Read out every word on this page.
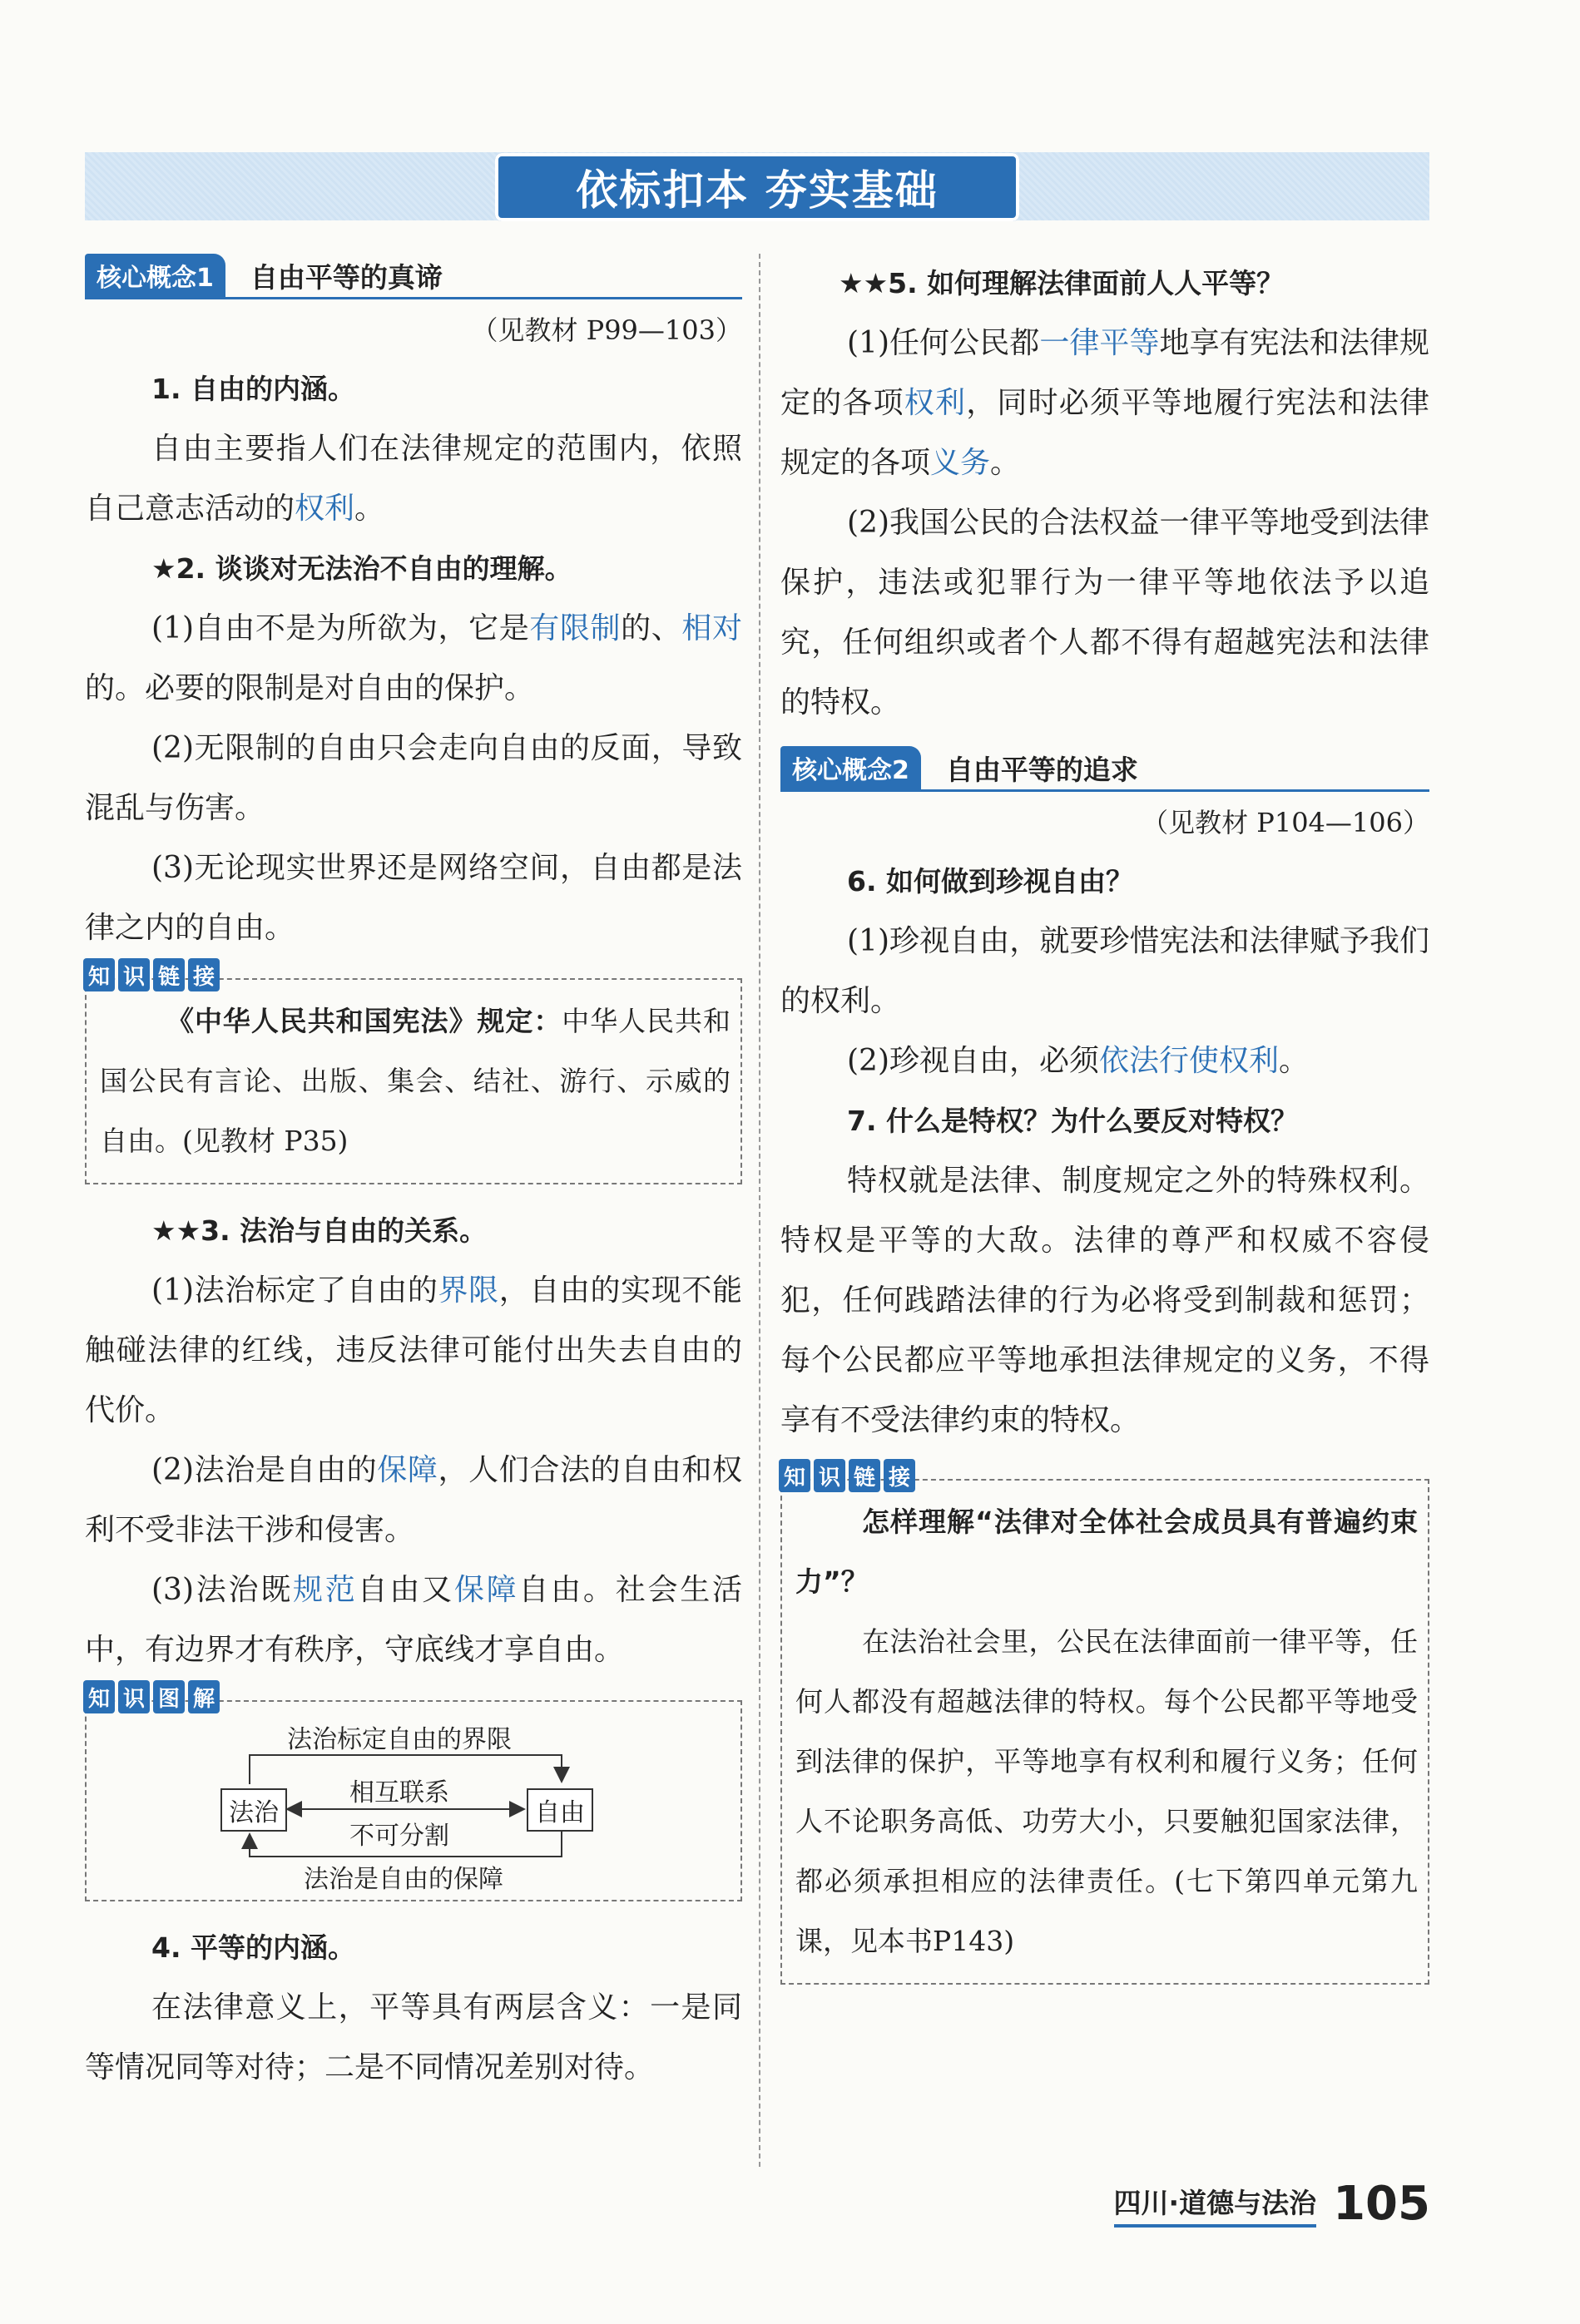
依标扣本 夯实基础
核心概念1	自由平等的真谛
（见教材 P99—103）

1. 自由的内涵。

自由主要指人们在法律规定的范围内，依照自己意志活动的权利。

★2. 谈谈对无法治不自由的理解。

(1)自由不是为所欲为，它是有限制的、相对的。必要的限制是对自由的保护。

(2)无限制的自由只会走向自由的反面，导致混乱与伤害。

(3)无论现实世界还是网络空间，自由都是法律之内的自由。

知 识 链 接

《中华人民共和国宪法》规定：中华人民共和国公民有言论、出版、集会、结社、游行、示威的自由。(见教材 P35)

★★3. 法治与自由的关系。

(1)法治标定了自由的界限，自由的实现不能触碰法律的红线，违反法律可能付出失去自由的代价。

(2)法治是自由的保障，人们合法的自由和权利不受非法干涉和侵害。

(3)法治既规范自由又保障自由。社会生活中，有边界才有秩序，守底线才享自由。

知 识 图 解
法治标定自由的界限
法治	自由
相互联系
不可分割
法治是自由的保障

4. 平等的内涵。

在法律意义上，平等具有两层含义：一是同等情况同等对待；二是不同情况差别对待。

★★5. 如何理解法律面前人人平等？

(1)任何公民都一律平等地享有宪法和法律规定的各项权利，同时必须平等地履行宪法和法律规定的各项义务。

(2)我国公民的合法权益一律平等地受到法律保护，违法或犯罪行为一律平等地依法予以追究，任何组织或者个人都不得有超越宪法和法律的特权。

核心概念2	自由平等的追求
（见教材 P104—106）

6. 如何做到珍视自由？

(1)珍视自由，就要珍惜宪法和法律赋予我们的权利。

(2)珍视自由，必须依法行使权利。

7. 什么是特权？为什么要反对特权？

特权就是法律、制度规定之外的特殊权利。特权是平等的大敌。法律的尊严和权威不容侵犯，任何践踏法律的行为必将受到制裁和惩罚；每个公民都应平等地承担法律规定的义务，不得享有不受法律约束的特权。

知 识 链 接

怎样理解“法律对全体社会成员具有普遍约束力”？

在法治社会里，公民在法律面前一律平等，任何人都没有超越法律的特权。每个公民都平等地受到法律的保护，平等地享有权利和履行义务；任何人不论职务高低、功劳大小，只要触犯国家法律，都必须承担相应的法律责任。(七下第四单元第九课，见本书P143)

四川·道德与法治 105
